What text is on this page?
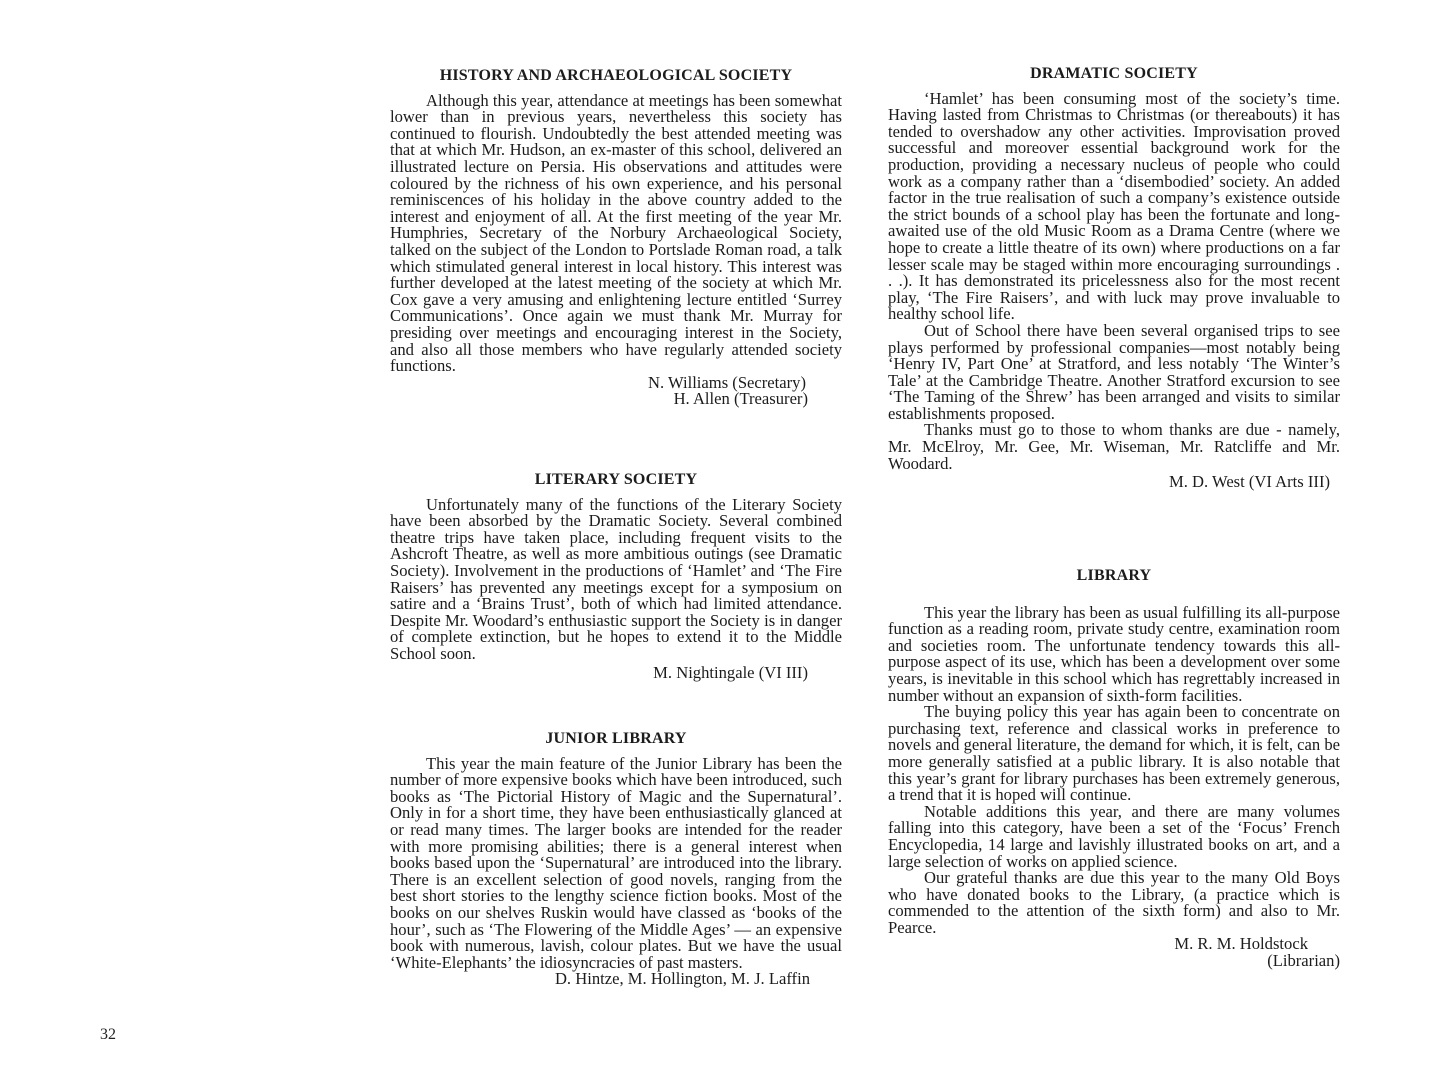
HISTORY AND ARCHAEOLOGICAL SOCIETY

Although this year, attendance at meetings has been somewhat lower than in previous years, nevertheless this society has continued to flourish. Undoubtedly the best attended meeting was that at which Mr. Hudson, an ex-master of this school, delivered an illustrated lecture on Persia. His observations and attitudes were coloured by the richness of his own experience, and his personal reminiscences of his holiday in the above country added to the interest and enjoyment of all. At the first meeting of the year Mr. Humphries, Secretary of the Norbury Archaeological Society, talked on the subject of the London to Portslade Roman road, a talk which stimulated general interest in local history. This interest was further developed at the latest meeting of the society at which Mr. Cox gave a very amusing and enlightening lecture entitled ‘Surrey Communications’. Once again we must thank Mr. Murray for presiding over meetings and encouraging interest in the Society, and also all those members who have regularly attended society functions.

N. Williams (Secretary)

H. Allen (Treasurer)

LITERARY SOCIETY

Unfortunately many of the functions of the Literary Society have been absorbed by the Dramatic Society. Several combined theatre trips have taken place, including frequent visits to the Ashcroft Theatre, as well as more ambitious outings (see Dramatic Society). Involvement in the productions of ‘Hamlet’ and ‘The Fire Raisers’ has prevented any meetings except for a symposium on satire and a ‘Brains Trust’, both of which had limited attendance. Despite Mr. Woodard’s enthusiastic support the Society is in danger of complete extinction, but he hopes to extend it to the Middle School soon.

M. Nightingale (VI III)

JUNIOR LIBRARY

This year the main feature of the Junior Library has been the number of more expensive books which have been introduced, such books as ‘The Pictorial History of Magic and the Supernatural’. Only in for a short time, they have been enthusiastically glanced at or read many times. The larger books are intended for the reader with more promising abilities; there is a general interest when books based upon the ‘Supernatural’ are introduced into the library. There is an excellent selection of good novels, ranging from the best short stories to the lengthy science fiction books. Most of the books on our shelves Ruskin would have classed as ‘books of the hour’, such as ‘The Flowering of the Middle Ages’ — an expensive book with numerous, lavish, colour plates. But we have the usual ‘White-Elephants’ the idiosyncracies of past masters.

D. Hintze, M. Hollington, M. J. Laffin

DRAMATIC SOCIETY

‘Hamlet’ has been consuming most of the society’s time. Having lasted from Christmas to Christmas (or thereabouts) it has tended to overshadow any other activities. Improvisation proved successful and moreover essential background work for the production, providing a necessary nucleus of people who could work as a company rather than a ‘disembodied’ society. An added factor in the true realisation of such a company’s existence outside the strict bounds of a school play has been the fortunate and long-awaited use of the old Music Room as a Drama Centre (where we hope to create a little theatre of its own) where productions on a far lesser scale may be staged within more encouraging surroundings . . .). It has demonstrated its pricelessness also for the most recent play, ‘The Fire Raisers’, and with luck may prove invaluable to healthy school life.

Out of School there have been several organised trips to see plays performed by professional companies—most notably being ‘Henry IV, Part One’ at Stratford, and less notably ‘The Winter’s Tale’ at the Cambridge Theatre. Another Stratford excursion to see ‘The Taming of the Shrew’ has been arranged and visits to similar establishments proposed.

Thanks must go to those to whom thanks are due - namely, Mr. McElroy, Mr. Gee, Mr. Wiseman, Mr. Ratcliffe and Mr. Woodard.

M. D. West (VI Arts III)

LIBRARY

This year the library has been as usual fulfilling its all-purpose function as a reading room, private study centre, examination room and societies room. The unfortunate tendency towards this all-purpose aspect of its use, which has been a development over some years, is inevitable in this school which has regrettably increased in number without an expansion of sixth-form facilities.

The buying policy this year has again been to concentrate on purchasing text, reference and classical works in preference to novels and general literature, the demand for which, it is felt, can be more generally satisfied at a public library. It is also notable that this year’s grant for library purchases has been extremely generous, a trend that it is hoped will continue.

Notable additions this year, and there are many volumes falling into this category, have been a set of the ‘Focus’ French Encyclopedia, 14 large and lavishly illustrated books on art, and a large selection of works on applied science.

Our grateful thanks are due this year to the many Old Boys who have donated books to the Library, (a practice which is commended to the attention of the sixth form) and also to Mr. Pearce.

M. R. M. Holdstock

(Librarian)

32
